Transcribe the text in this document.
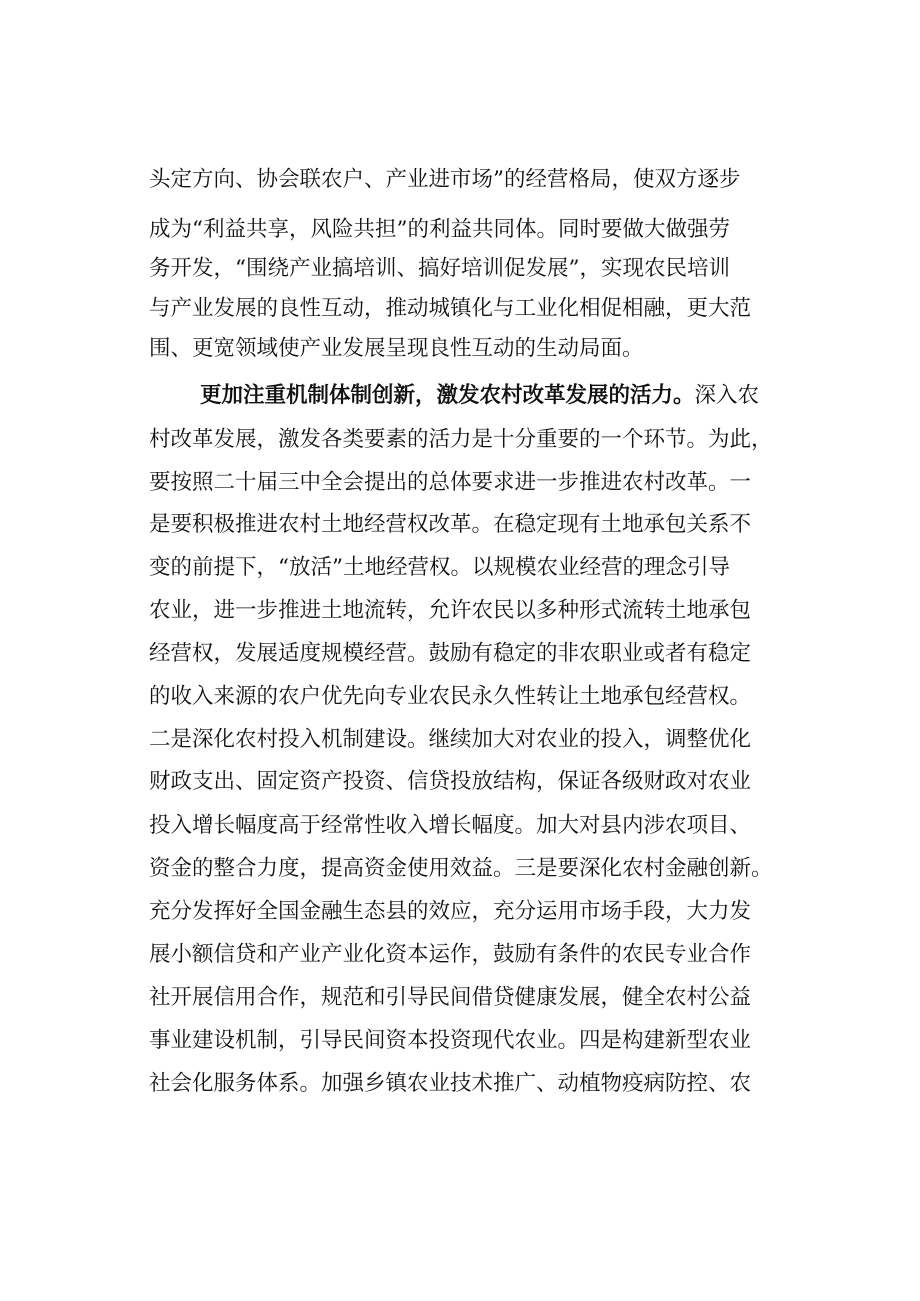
头定方向、协会联农户、产业进市场”的经营格局，使双方逐步
成为“利益共享，风险共担”的利益共同体。同时要做大做强劳
务开发，“围绕产业搞培训、搞好培训促发展”，实现农民培训
与产业发展的良性互动，推动城镇化与工业化相促相融，更大范
围、更宽领域使产业发展呈现良性互动的生动局面。
更加注重机制体制创新，激发农村改革发展的活力。深入农
村改革发展，激发各类要素的活力是十分重要的一个环节。为此，
要按照二十届三中全会提出的总体要求进一步推进农村改革。一
是要积极推进农村土地经营权改革。在稳定现有土地承包关系不
变的前提下，“放活”土地经营权。以规模农业经营的理念引导
农业，进一步推进土地流转，允许农民以多种形式流转土地承包
经营权，发展适度规模经营。鼓励有稳定的非农职业或者有稳定
的收入来源的农户优先向专业农民永久性转让土地承包经营权。
二是深化农村投入机制建设。继续加大对农业的投入，调整优化
财政支出、固定资产投资、信贷投放结构，保证各级财政对农业
投入增长幅度高于经常性收入增长幅度。加大对县内涉农项目、
资金的整合力度，提高资金使用效益。三是要深化农村金融创新。
充分发挥好全国金融生态县的效应，充分运用市场手段，大力发
展小额信贷和产业产业化资本运作，鼓励有条件的农民专业合作
社开展信用合作，规范和引导民间借贷健康发展，健全农村公益
事业建设机制，引导民间资本投资现代农业。四是构建新型农业
社会化服务体系。加强乡镇农业技术推广、动植物疫病防控、农
